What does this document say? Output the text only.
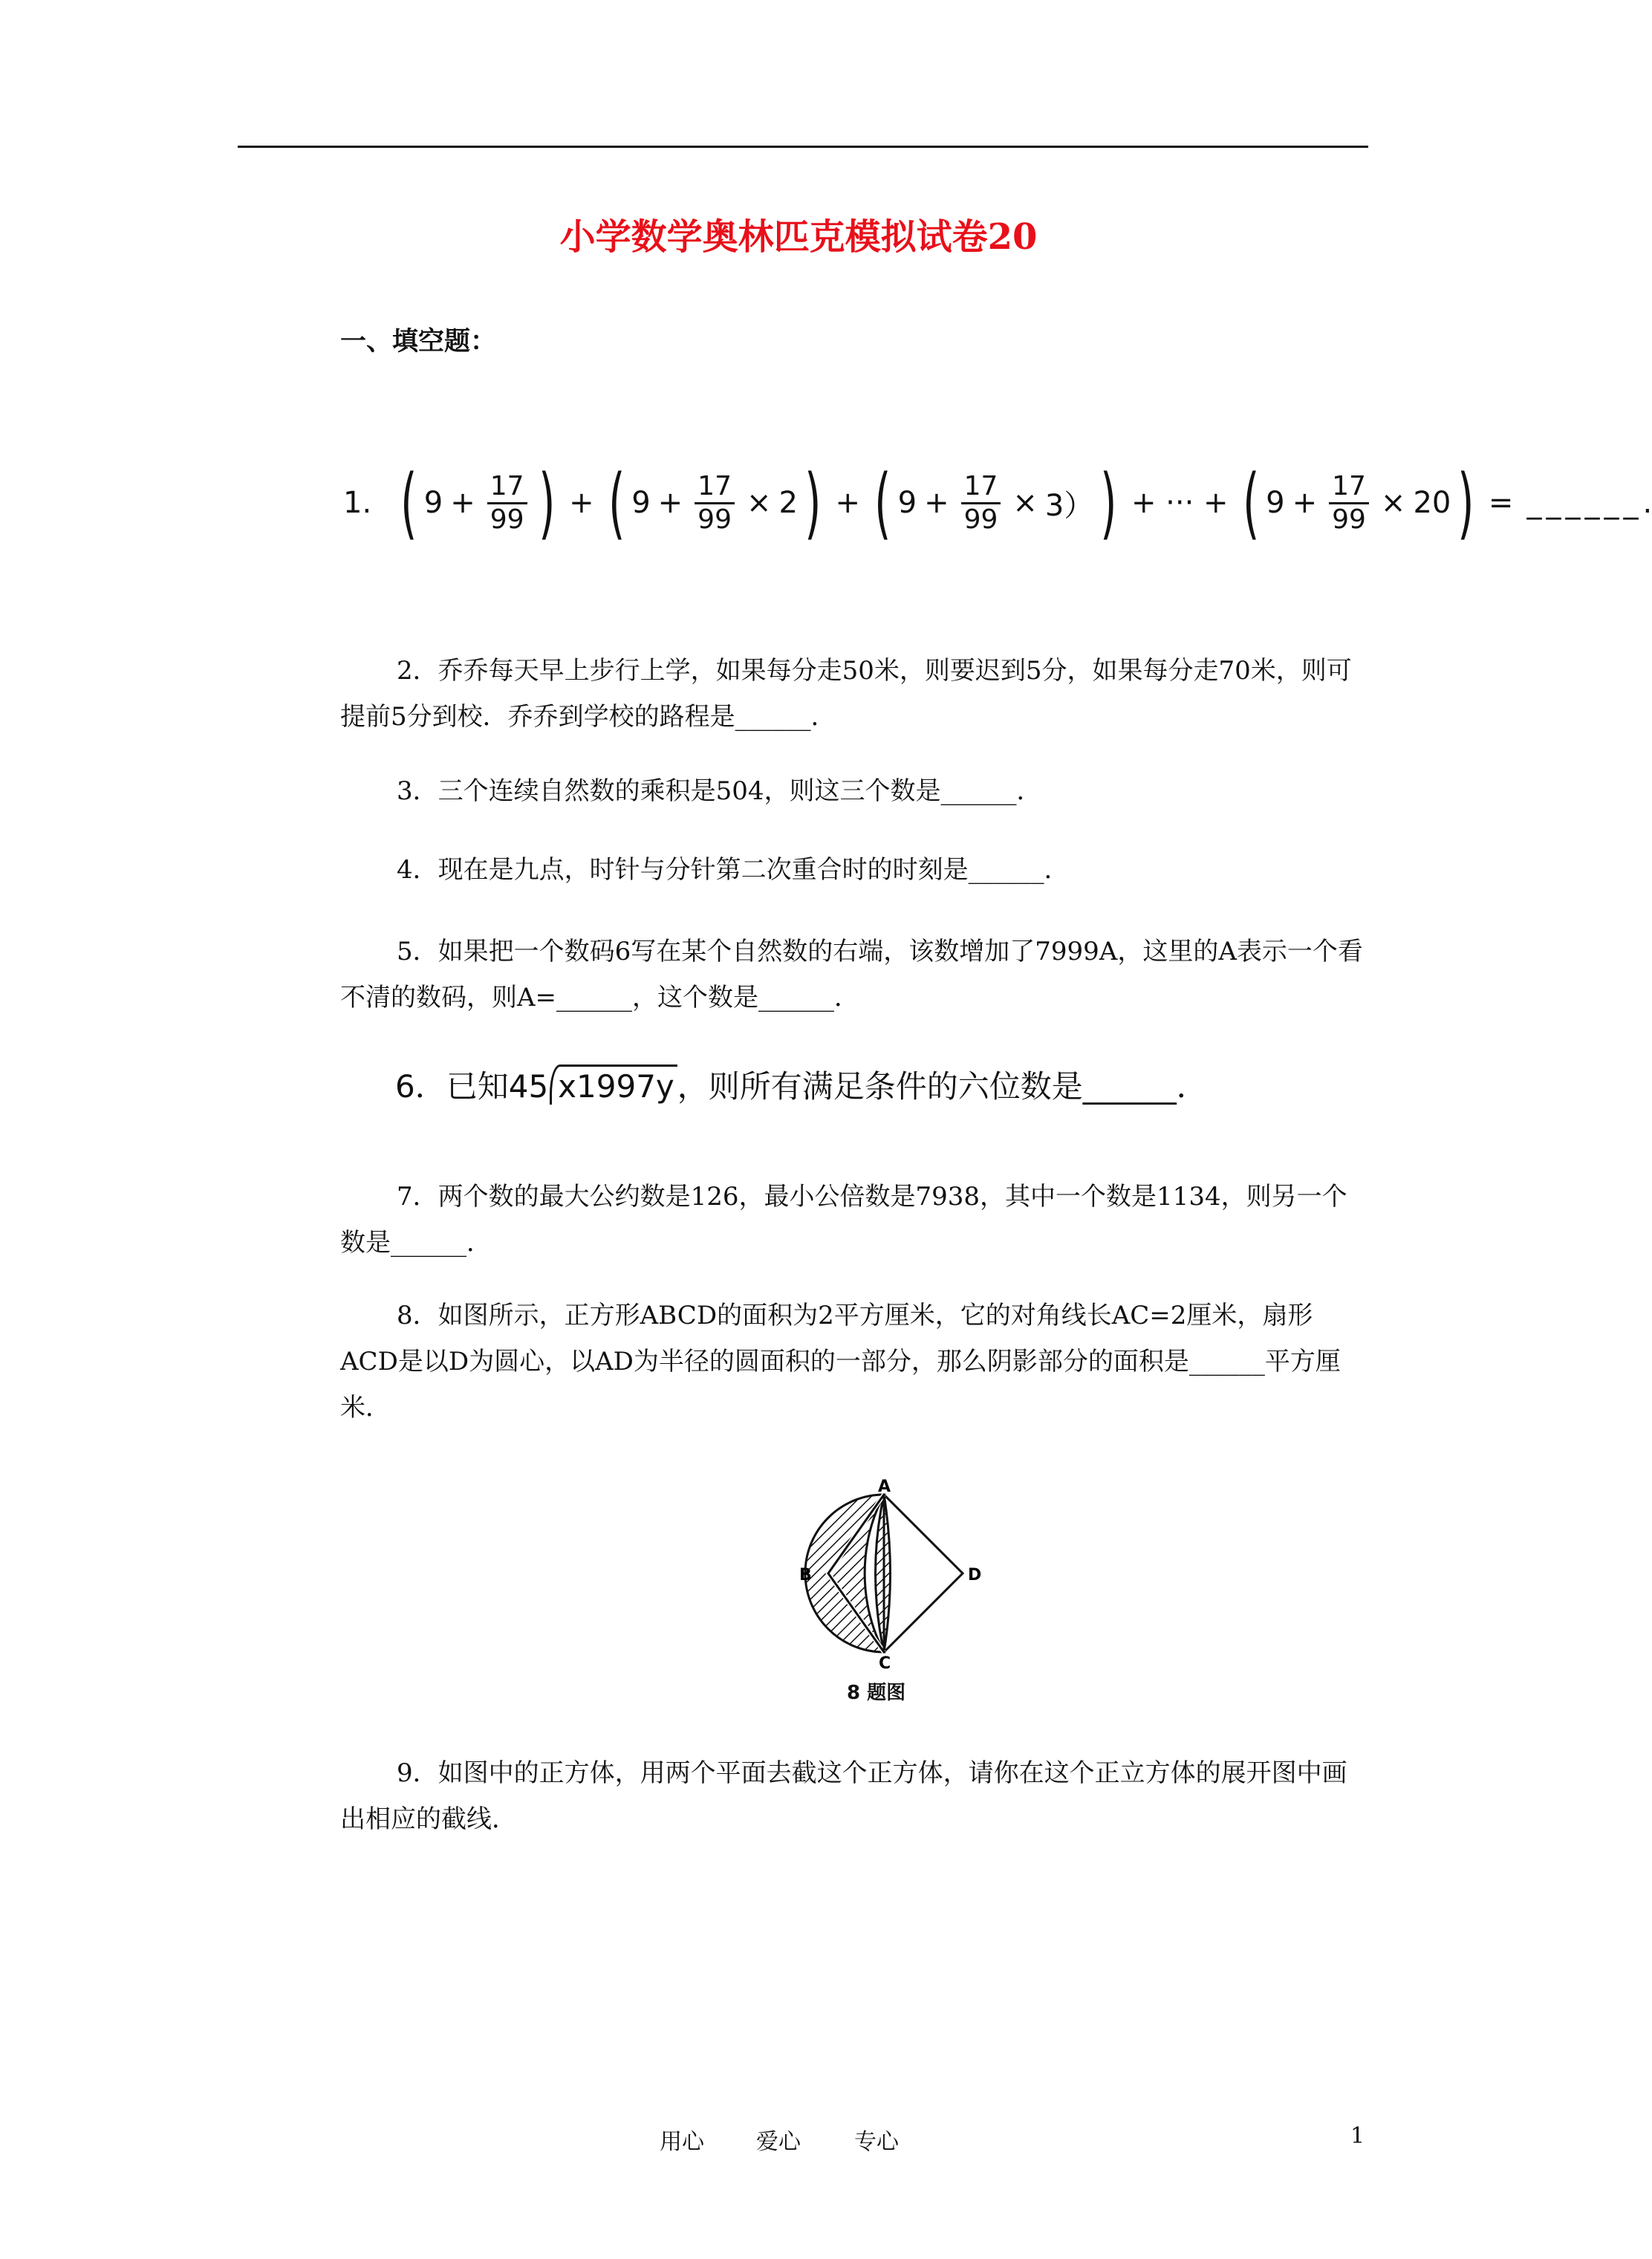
小学数学奥林匹克模拟试卷20
一、填空题：
1. ( $9 + \frac{17}{99}$ ) + ( $9 + \frac{17}{99} \times 2$ ) + ( $9 + \frac{17}{99} \times 3$） ) + ··· + ( $9 + \frac{17}{99} \times 20$ ) = ______ .

2．乔乔每天早上步行上学，如果每分走50米，则要迟到5分，如果每分走70米，则可提前5分到校．乔乔到学校的路程是______．

3．三个连续自然数的乘积是504，则这三个数是______．

4．现在是九点，时针与分针第二次重合时的时刻是______．

5．如果把一个数码6写在某个自然数的右端，该数增加了7999A，这里的A表示一个看不清的数码，则A=______，这个数是______．

6．已知45 x1997y ，则所有满足条件的六位数是______．

7．两个数的最大公约数是126，最小公倍数是7938，其中一个数是1134，则另一个数是______．

8．如图所示，正方形ABCD的面积为2平方厘米，它的对角线长AC=2厘米，扇形ACD是以D为圆心，以AD为半径的圆面积的一部分，那么阴影部分的面积是______平方厘米．

A
B
C
D
8 题图

9．如图中的正方体，用两个平面去截这个正方体，请你在这个正立方体的展开图中画出相应的截线．

用心 爱心 专心	1
